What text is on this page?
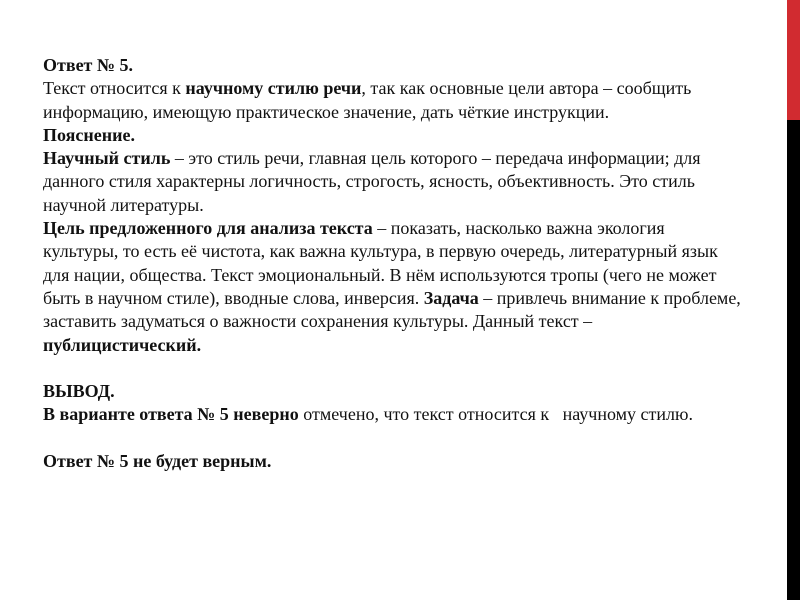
Ответ № 5.

Текст относится к научному стилю речи, так как основные цели автора – сообщить информацию, имеющую практическое значение, дать чёткие инструкции.

Пояснение.

Научный стиль – это стиль речи, главная цель которого – передача информации; для данного стиля характерны логичность, строгость, ясность, объективность. Это стиль научной литературы.

Цель предложенного для анализа текста – показать, насколько важна экология культуры, то есть её чистота, как важна культура, в первую очередь, литературный язык для нации, общества. Текст эмоциональный. В нём используются тропы (чего не может быть в научном стиле), вводные слова, инверсия. Задача – привлечь внимание к проблеме, заставить задуматься о важности сохранения культуры. Данный текст – публицистический.

ВЫВОД.

В варианте ответа № 5 неверно отмечено, что текст относится к   научному стилю.

Ответ № 5 не будет верным.
